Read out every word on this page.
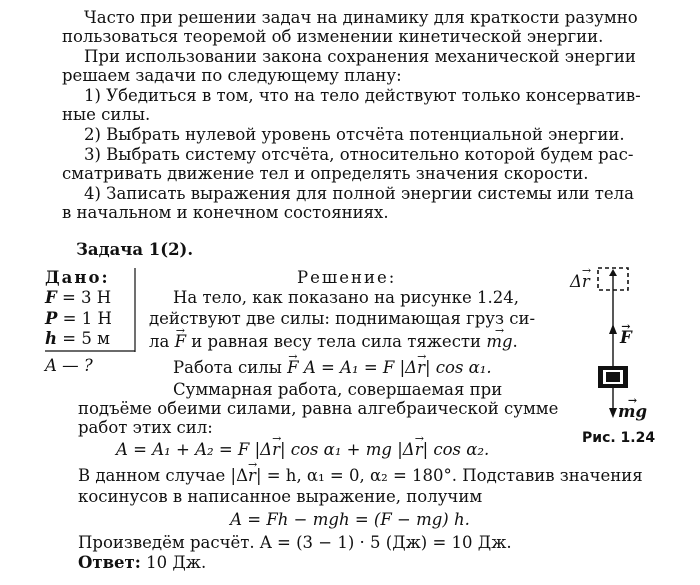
Часто при решении задач на динамику для краткости разумно
пользоваться теоремой об изменении кинетической энергии.
При использовании закона сохранения механической энергии
решаем задачи по следующему плану:
1) Убедиться в том, что на тело действуют только консерватив-
ные силы.
2) Выбрать нулевой уровень отсчёта потенциальной энергии.
3) Выбрать систему отсчёта, относительно которой будем рас-
сматривать движение тел и определять значения скорости.
4) Записать выражения для полной энергии системы или тела
в начальном и конечном состояниях.
Задача 1(2).
Дано:
F = 3 Н
P = 1 Н
h = 5 м
A — ?
Решение:
На тело, как показано на рисунке 1.24,
действуют две силы: поднимающая груз си-
ла → F и равная весу тела сила тяжести → mg.
Работа силы → F A = A₁ = F |Δ→ r| cos α₁.
Суммарная работа, совершаемая при
подъёме обеими силами, равна алгебраической сумме
работ этих сил:
A = A₁ + A₂ = F |Δ→ r| cos α₁ + mg |Δ→ r| cos α₂.
В данном случае |Δ→ r| = h, α₁ = 0, α₂ = 180°. Подставив значения
косинусов в написанное выражение, получим
A = Fh − mgh = (F − mg) h.
Произведём расчёт. A = (3 − 1) · 5 (Дж) = 10 Дж.
Ответ: 10 Дж.
Δ→ r
→ F
→ mg
Рис. 1.24
